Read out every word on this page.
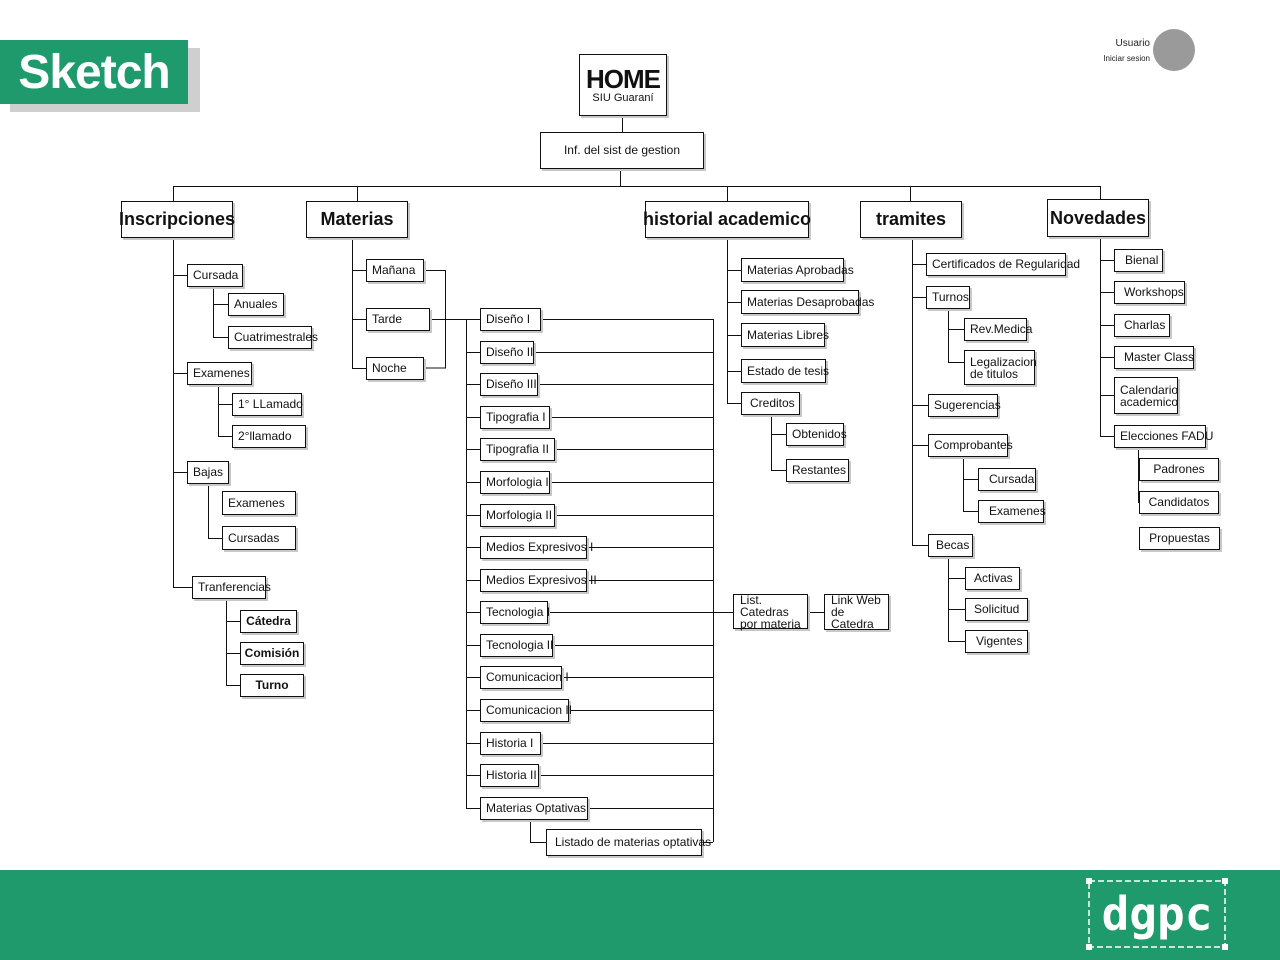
Sketch
Usuario
Iniciar sesion
HOME
SIU Guaraní
Inf. del sist de gestion
Inscripciones	Materias	historial academico	tramites	Novedades
Cursada
Anuales
Cuatrimestrales
Examenes
1° LLamado
2°llamado
Bajas
Examenes
Cursadas
Tranferencias
Cátedra
Comisión
Turno
Mañana
Tarde
Noche
Diseño I
Diseño II
Diseño III
Tipografia I
Tipografia II
Morfologia I
Morfologia II
Medios Expresivos I
Medios Expresivos II
Tecnologia I
Tecnologia II
Comunicacion I
Comunicacion II
Historia I
Historia II
Materias Optativas
Listado de materias optativas
List. Catedras por materia
Link Web de Catedra
Materias Aprobadas
Materias Desaprobadas
Materias Libres
Estado de tesis
Creditos
Obtenidos
Restantes
Certificados de Regularidad
Turnos
Rev.Medica
Legalizacion de titulos
Sugerencias
Comprobantes
Cursada
Examenes
Becas
Activas
Solicitud
Vigentes
Bienal
Workshops
Charlas
Master Class
Calendario academico
Elecciones FADU
Padrones
Candidatos
Propuestas
dgpc
